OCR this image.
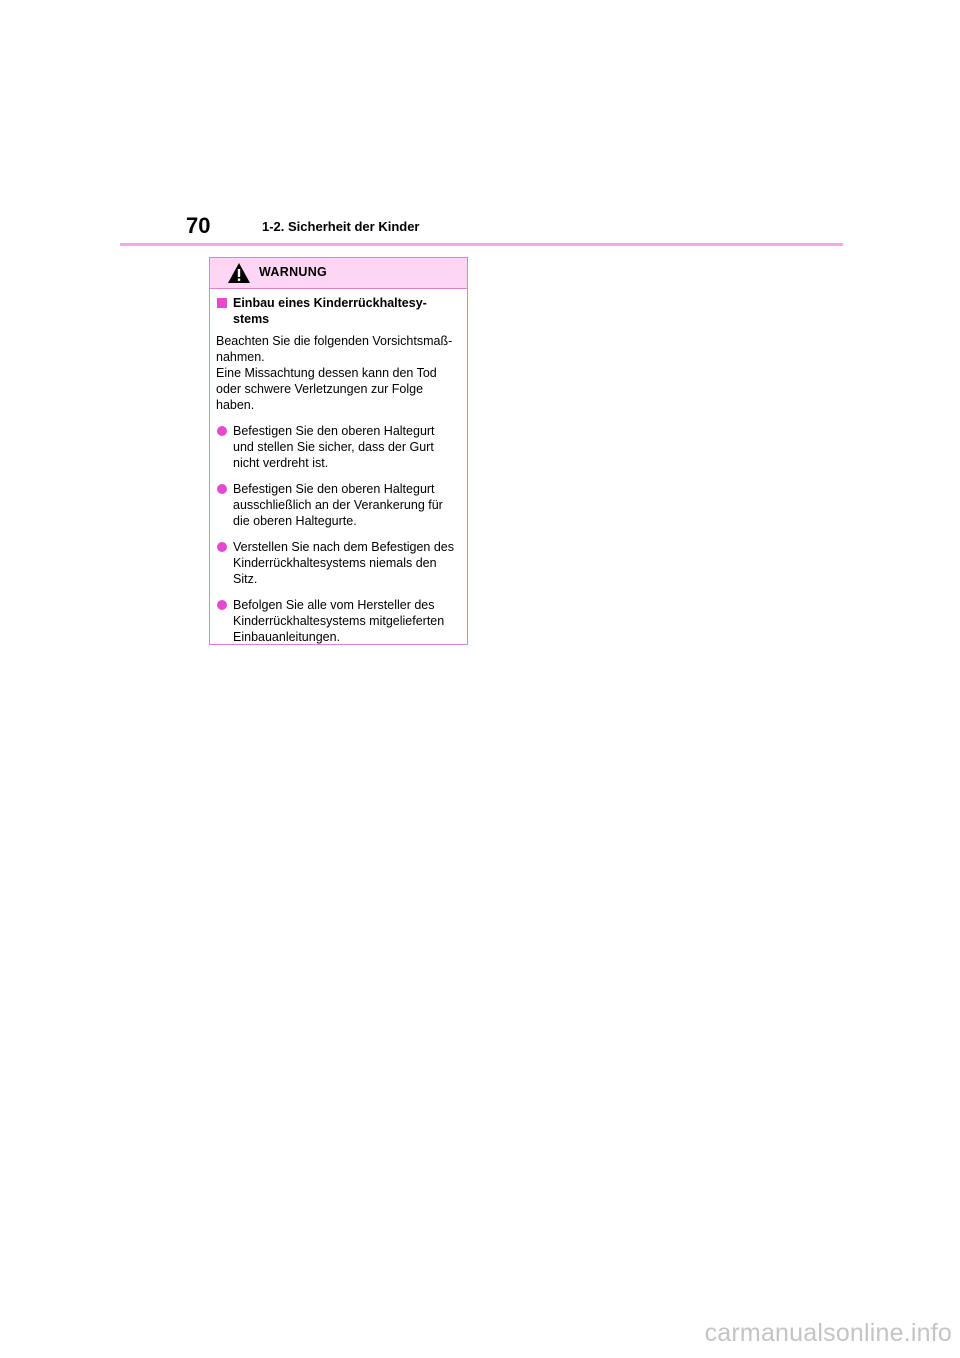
70	1-2. Sicherheit der Kinder
WARNUNG
Einbau eines Kinderrückhaltesy-
stems
Beachten Sie die folgenden Vorsichtsmaß-
nahmen.
Eine Missachtung dessen kann den Tod
oder schwere Verletzungen zur Folge
haben.
Befestigen Sie den oberen Haltegurt
und stellen Sie sicher, dass der Gurt
nicht verdreht ist.
Befestigen Sie den oberen Haltegurt
ausschließlich an der Verankerung für
die oberen Haltegurte.
Verstellen Sie nach dem Befestigen des
Kinderrückhaltesystems niemals den
Sitz.
Befolgen Sie alle vom Hersteller des
Kinderrückhaltesystems mitgelieferten
Einbauanleitungen.
carmanualsonline.info
